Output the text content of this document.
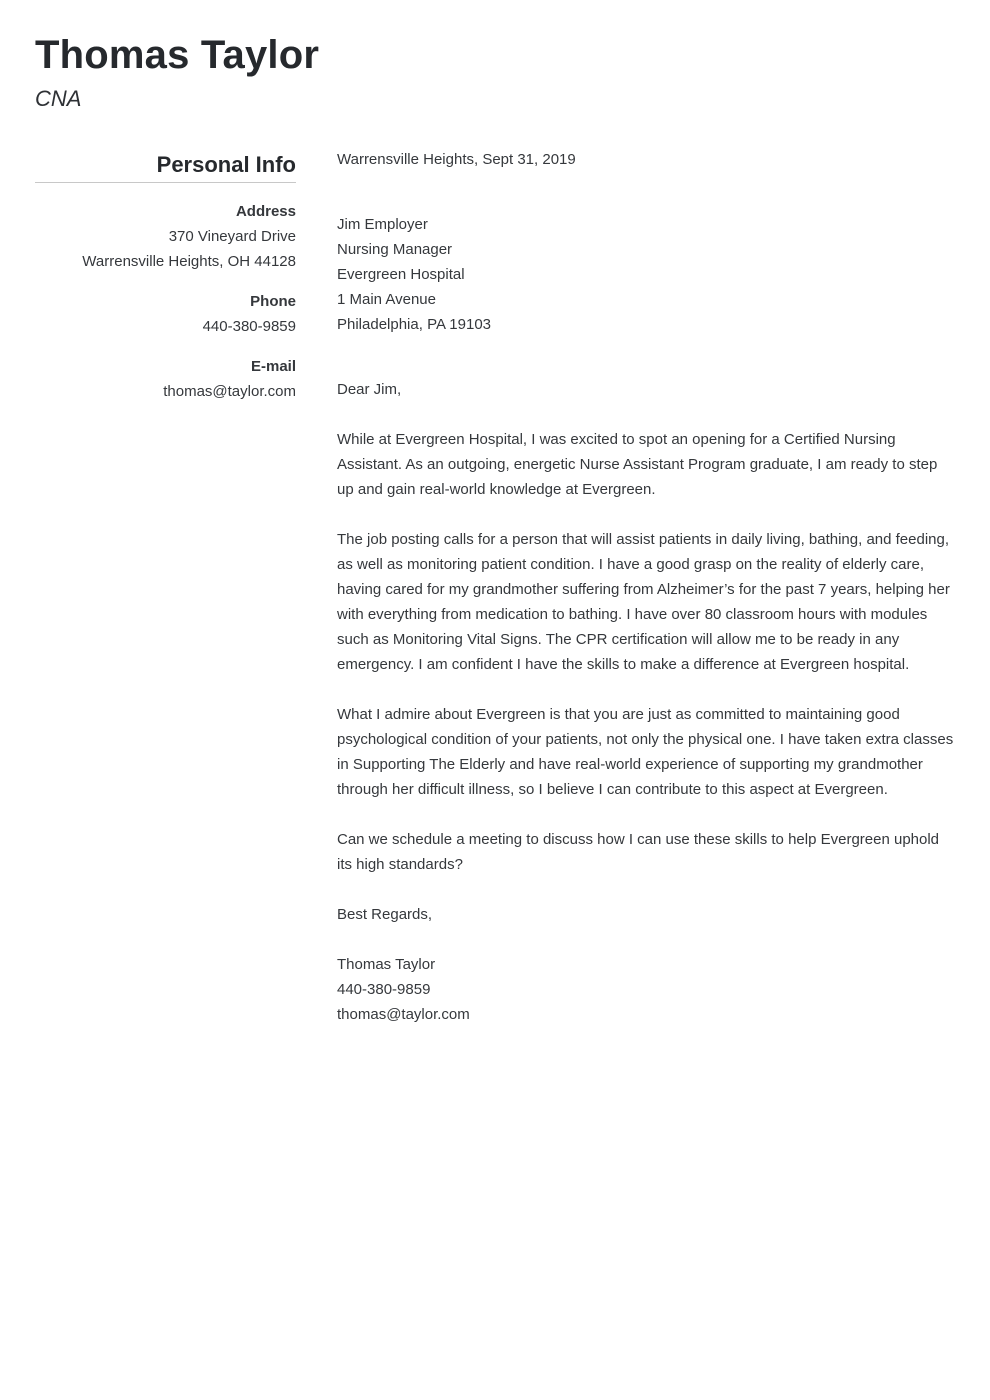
Thomas Taylor
CNA
Personal Info
Address
370 Vineyard Drive
Warrensville Heights, OH 44128
Phone
440-380-9859
E-mail
thomas@taylor.com

Warrensville Heights, Sept 31, 2019

Jim Employer

Nursing Manager

Evergreen Hospital

1 Main Avenue

Philadelphia, PA 19103

Dear Jim,

While at Evergreen Hospital, I was excited to spot an opening for a Certified Nursing Assistant. As an outgoing, energetic Nurse Assistant Program graduate, I am ready to step up and gain real-world knowledge at Evergreen.

The job posting calls for a person that will assist patients in daily living, bathing, and feeding, as well as monitoring patient condition. I have a good grasp on the reality of elderly care, having cared for my grandmother suffering from Alzheimer’s for the past 7 years, helping her with everything from medication to bathing. I have over 80 classroom hours with modules such as Monitoring Vital Signs. The CPR certification will allow me to be ready in any emergency. I am confident I have the skills to make a difference at Evergreen hospital.

What I admire about Evergreen is that you are just as committed to maintaining good psychological condition of your patients, not only the physical one. I have taken extra classes in Supporting The Elderly and have real-world experience of supporting my grandmother through her difficult illness, so I believe I can contribute to this aspect at Evergreen.

Can we schedule a meeting to discuss how I can use these skills to help Evergreen uphold its high standards?

Best Regards,

Thomas Taylor

440-380-9859

thomas@taylor.com
